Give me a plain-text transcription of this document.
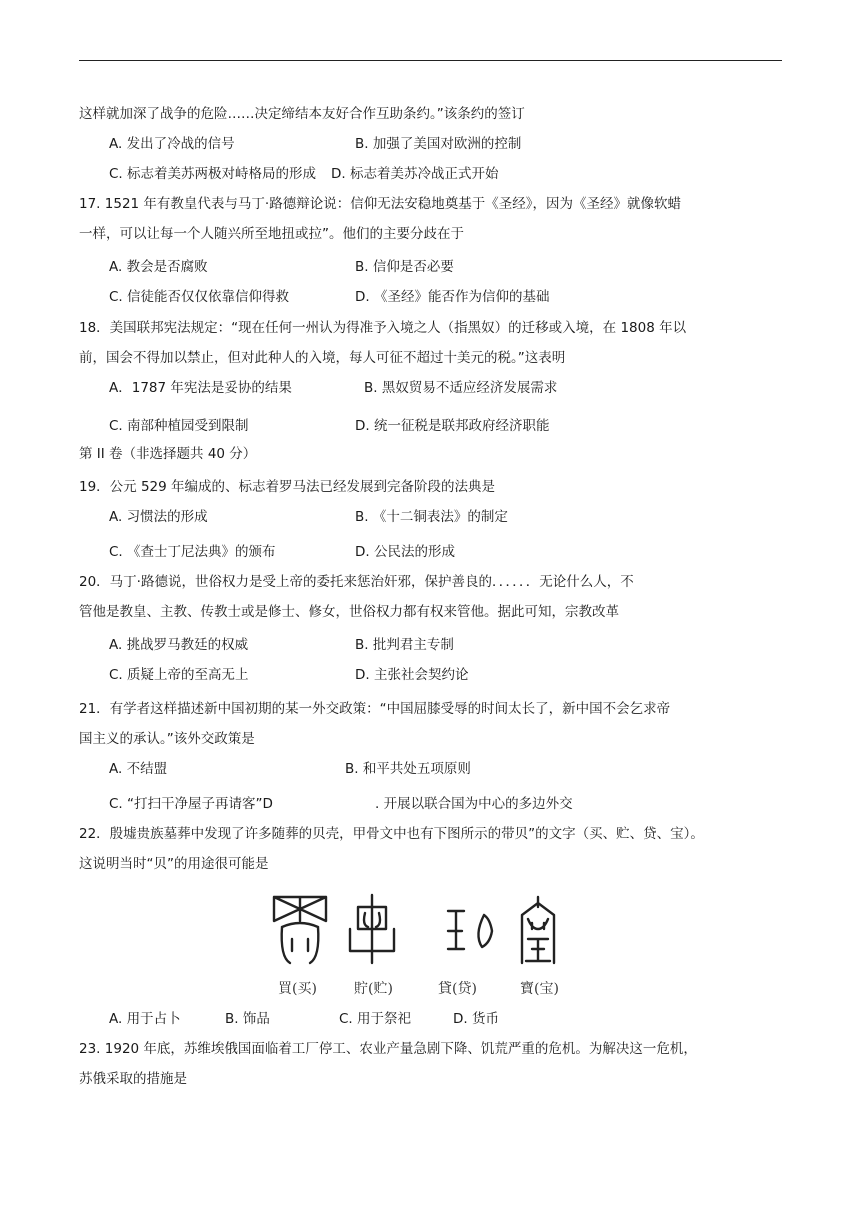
这样就加深了战争的危险……决定缔结本友好合作互助条约。”该条约的签订
A. 发出了冷战的信号	B. 加强了美国对欧洲的控制
C. 标志着美苏两极对峙格局的形成 D. 标志着美苏冷战正式开始
17. 1521 年有教皇代表与马丁·路德辩论说：信仰无法安稳地奠基于《圣经》，因为《圣经》就像软蜡
一样，可以让每一个人随兴所至地扭或拉”。他们的主要分歧在于
A. 教会是否腐败	B. 信仰是否必要
C. 信徒能否仅仅依靠信仰得救	D. 《圣经》能否作为信仰的基础
18．美国联邦宪法规定：“现在任何一州认为得准予入境之人（指黑奴）的迁移或入境，在 1808 年以
前，国会不得加以禁止，但对此种人的入境，每人可征不超过十美元的税。”这表明
A．1787 年宪法是妥协的结果	B. 黑奴贸易不适应经济发展需求
C. 南部种植园受到限制	D. 统一征税是联邦政府经济职能
第 II 卷（非选择题共 40 分）
19．公元 529 年编成的、标志着罗马法已经发展到完备阶段的法典是
A. 习惯法的形成	B. 《十二铜表法》的制定
C. 《查士丁尼法典》的颁布	D. 公民法的形成
20．马丁·路德说，世俗权力是受上帝的委托来惩治奸邪，保护善良的．．．．．．无论什么人，不
管他是教皇、主教、传教士或是修士、修女，世俗权力都有权来管他。据此可知，宗教改革
A. 挑战罗马教廷的权威	B. 批判君主专制
C. 质疑上帝的至高无上	D. 主张社会契约论
21．有学者这样描述新中国初期的某一外交政策：“中国屈膝受辱的时间太长了，新中国不会乞求帝
国主义的承认。”该外交政策是
A. 不结盟	B. 和平共处五项原则
C. “打扫干净屋子再请客”D	. 开展以联合国为中心的多边外交
22．殷墟贵族墓葬中发现了许多随葬的贝壳，甲骨文中也有下图所示的带贝”的文字（买、贮、贷、宝）。
这说明当时“贝”的用途很可能是
買(买)	貯(贮)	貸(贷)	寶(宝)
A. 用于占卜	B. 饰品	C. 用于祭祀	D. 货币
23. 1920 年底，苏维埃俄国面临着工厂停工、农业产量急剧下降、饥荒严重的危机。为解决这一危机，
苏俄采取的措施是
